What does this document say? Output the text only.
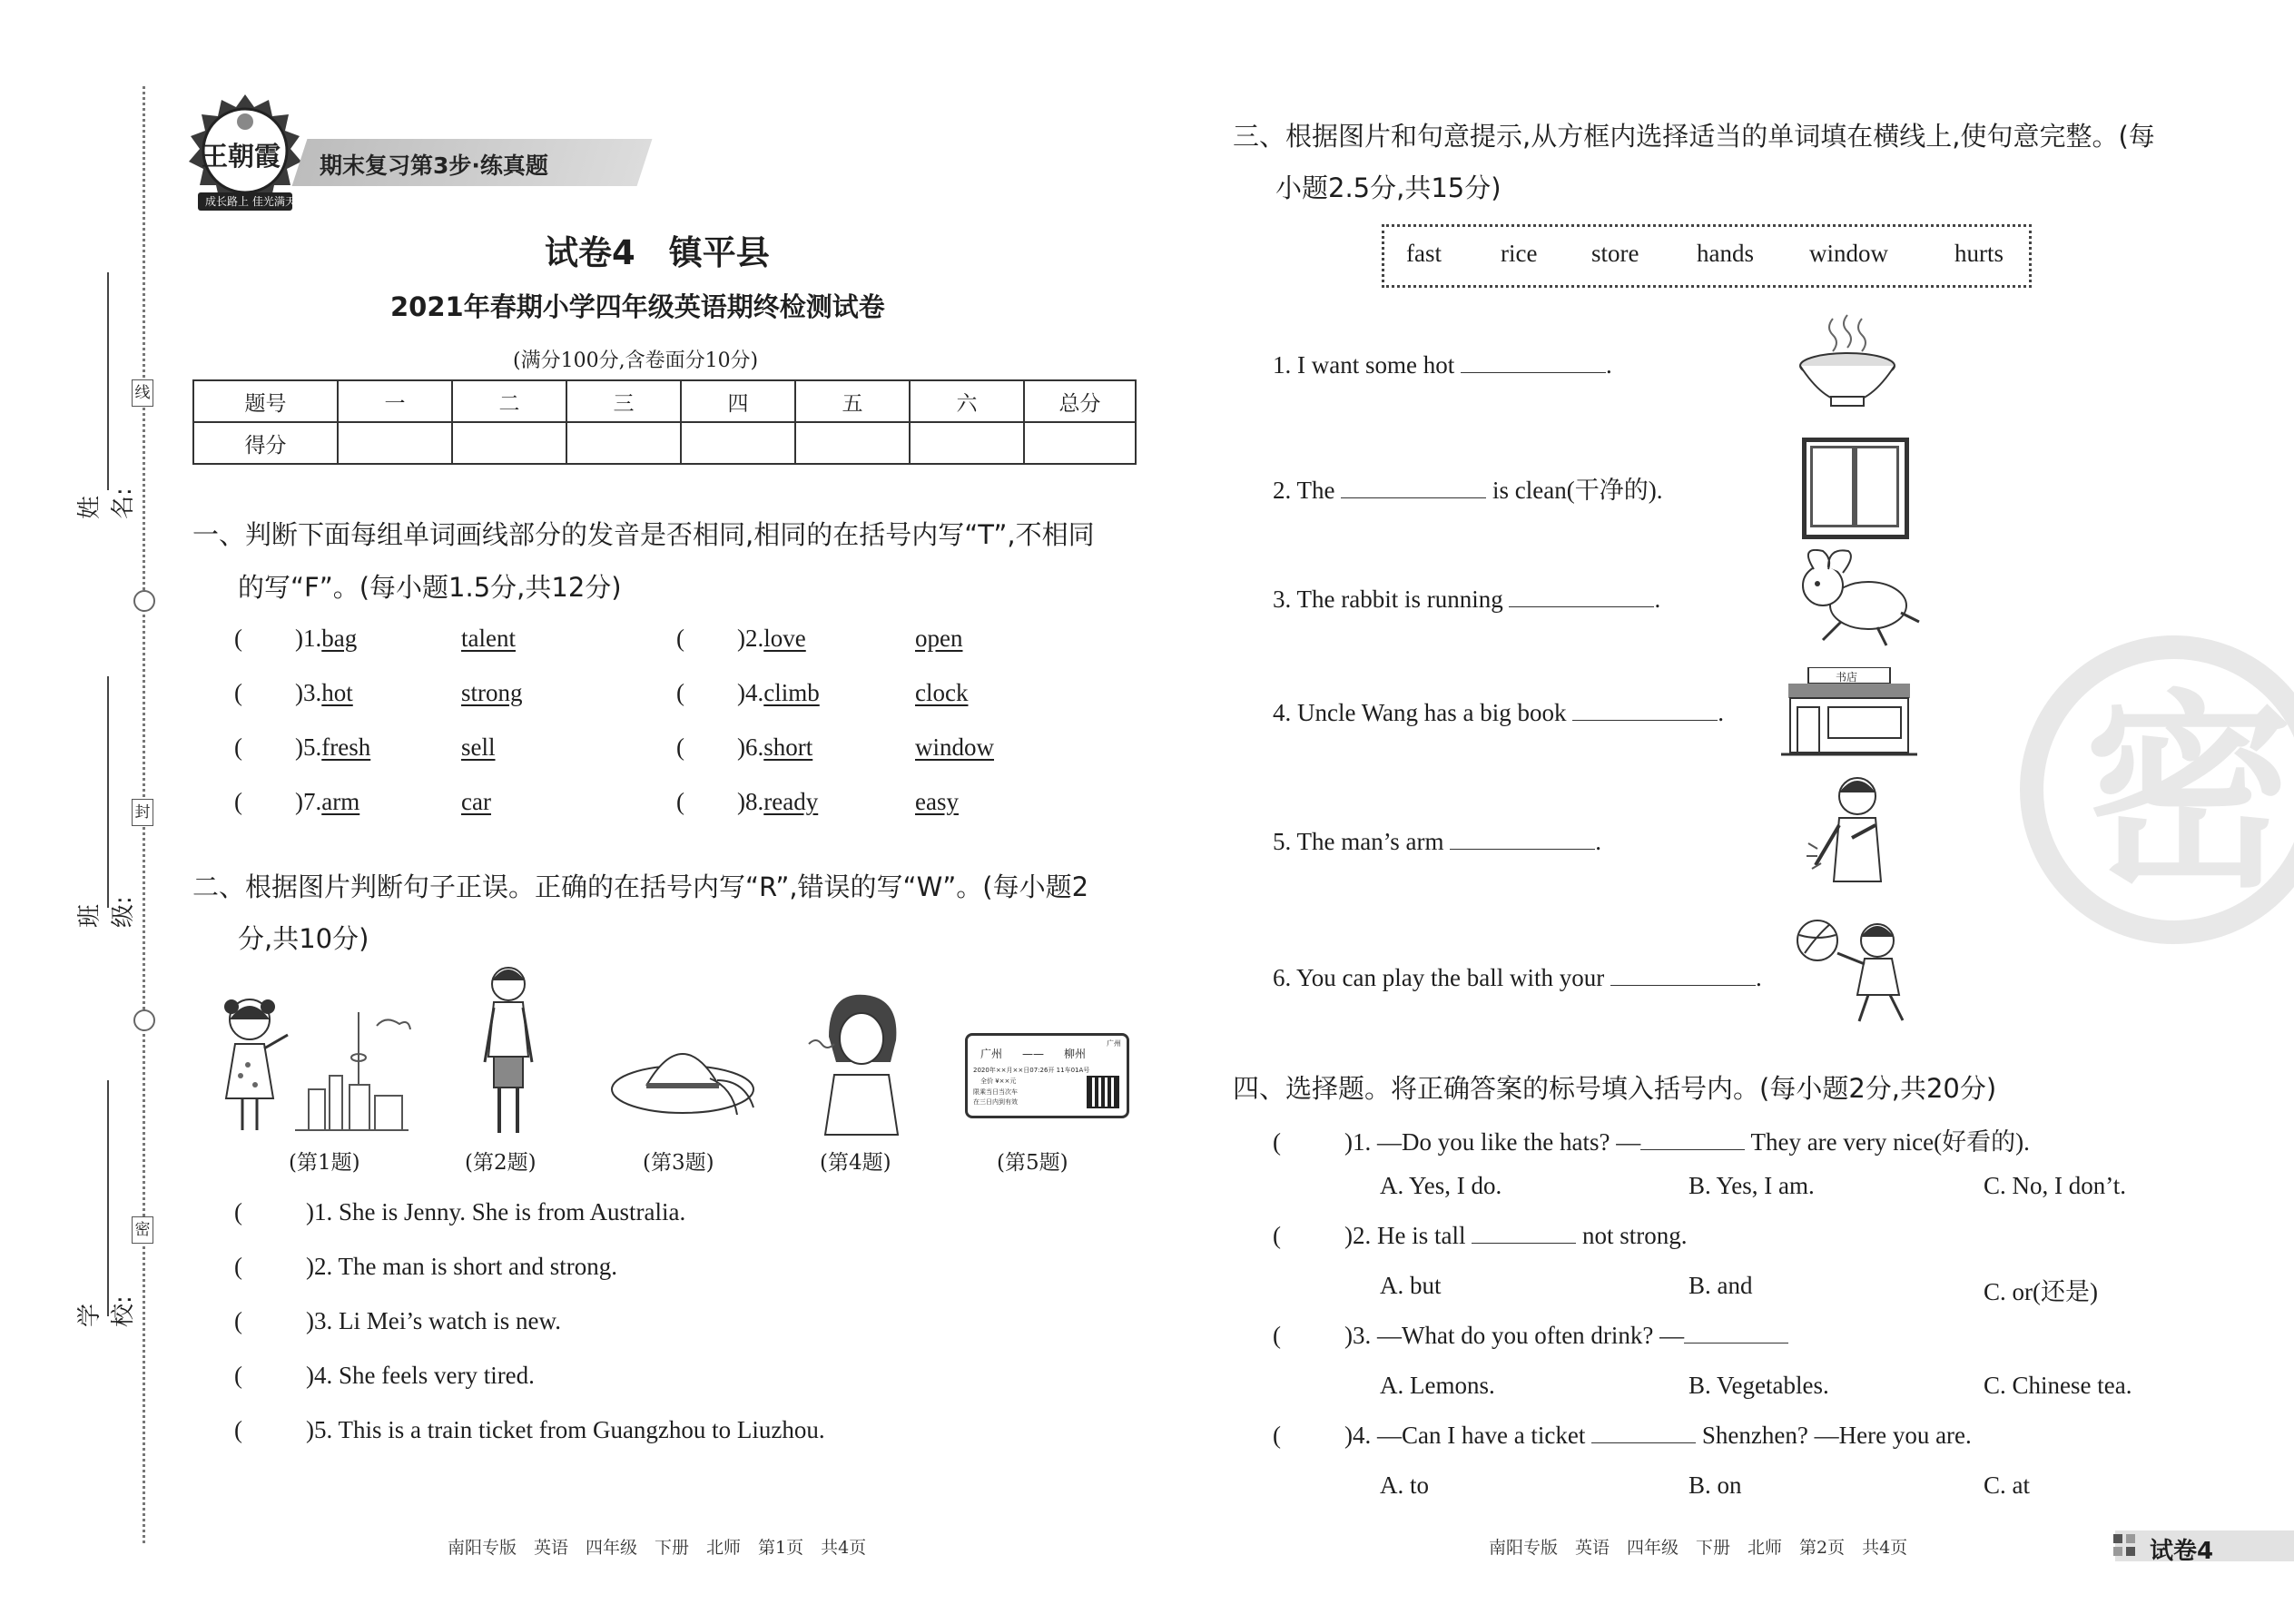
姓名:
班级:
学校:
线
封
密
王朝霞
成长路上 佳光满天
期末复习第3步·练真题
试卷4　镇平县
2021年春期小学四年级英语期终检测试卷
(满分100分,含卷面分10分)
题号	一	二	三	四	五	六	总分
得分							
一、判断下面每组单词画线部分的发音是否相同,相同的在括号内写“T”,不相同
的写“F”。(每小题1.5分,共12分)
( )1.bag	talent	( )2.love	open
( )3.hot	strong	( )4.climb	clock
( )5.fresh	sell	( )6.short	window
( )7.arm	car	( )8.ready	easy
二、根据图片判断句子正误。正确的在括号内写“R”,错误的写“W”。(每小题2
分,共10分)
广州
广州 —— 柳州
2020年××月××日07:26开 11车01A号
全价 ¥××元
限乘当日当次车
在三日内到有效
(第1题)	(第2题)	(第3题)	(第4题)	(第5题)
(	)1. She is Jenny. She is from Australia.
(	)2. The man is short and strong.
(	)3. Li Mei’s watch is new.
(	)4. She feels very tired.
(	)5. This is a train ticket from Guangzhou to Liuzhou.
南阳专版　英语　四年级　下册　北师　第1页　共4页
密
三、根据图片和句意提示,从方框内选择适当的单词填在横线上,使句意完整。(每
小题2.5分,共15分)
fast rice store hands window	hurts
1. I want some hot	.
2. The	is clean(干净的).
3. The rabbit is running	.
4. Uncle Wang has a big book	.
5. The man’s arm	.
6. You can play the ball with your	.
书店
四、选择题。将正确答案的标号填入括号内。(每小题2分,共20分)
(	)1. —Do you like the hats? —	They are very nice(好看的).
A. Yes, I do.	B. Yes, I am.	C. No, I don’t.
(	)2. He is tall	not strong.
A. but	B. and	C. or(还是)
(	)3. —What do you often drink? —
A. Lemons.	B. Vegetables.	C. Chinese tea.
(	)4. —Can I have a ticket	Shenzhen? —Here you are.
A. to	B. on	C. at
南阳专版　英语　四年级　下册　北师　第2页　共4页	试卷4
